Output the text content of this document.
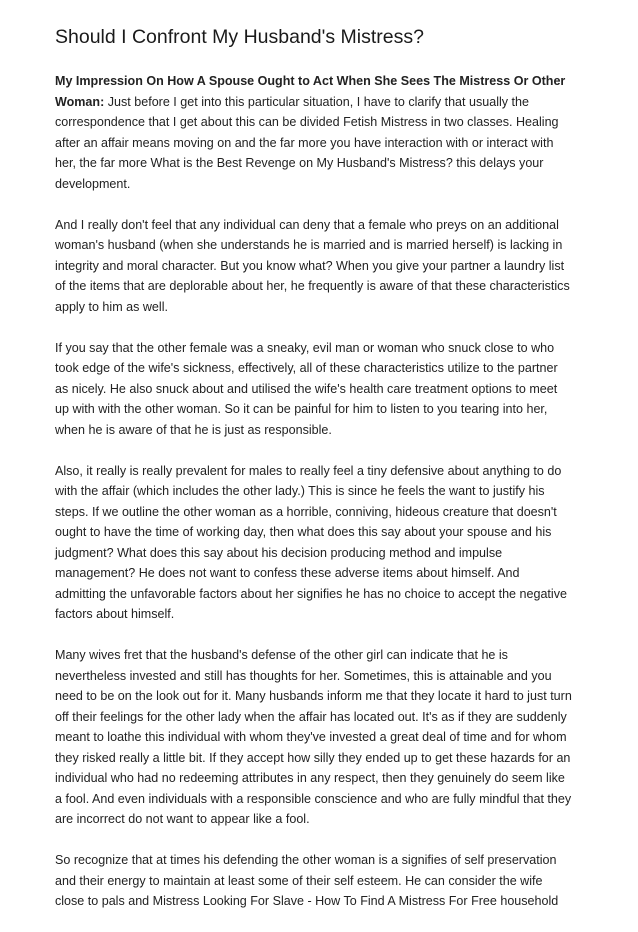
Should I Confront My Husband's Mistress?

My Impression On How A Spouse Ought to Act When She Sees The Mistress Or Other
Woman: Just before I get into this particular situation, I have to clarify that usually the
correspondence that I get about this can be divided Fetish Mistress in two classes. Healing
after an affair means moving on and the far more you have interaction with or interact with
her, the far more What is the Best Revenge on My Husband's Mistress? this delays your
development.

And I really don't feel that any individual can deny that a female who preys on an additional
woman's husband (when she understands he is married and is married herself) is lacking in
integrity and moral character. But you know what? When you give your partner a laundry list
of the items that are deplorable about her, he frequently is aware of that these characteristics
apply to him as well.

If you say that the other female was a sneaky, evil man or woman who snuck close to who
took edge of the wife's sickness, effectively, all of these characteristics utilize to the partner
as nicely. He also snuck about and utilised the wife's health care treatment options to meet
up with with the other woman. So it can be painful for him to listen to you tearing into her,
when he is aware of that he is just as responsible.

Also, it really is really prevalent for males to really feel a tiny defensive about anything to do
with the affair (which includes the other lady.) This is since he feels the want to justify his
steps. If we outline the other woman as a horrible, conniving, hideous creature that doesn't
ought to have the time of working day, then what does this say about your spouse and his
judgment? What does this say about his decision producing method and impulse
management? He does not want to confess these adverse items about himself. And
admitting the unfavorable factors about her signifies he has no choice to accept the negative
factors about himself.

Many wives fret that the husband's defense of the other girl can indicate that he is
nevertheless invested and still has thoughts for her. Sometimes, this is attainable and you
need to be on the look out for it. Many husbands inform me that they locate it hard to just turn
off their feelings for the other lady when the affair has located out. It's as if they are suddenly
meant to loathe this individual with whom they've invested a great deal of time and for whom
they risked really a little bit. If they accept how silly they ended up to get these hazards for an
individual who had no redeeming attributes in any respect, then they genuinely do seem like
a fool. And even individuals with a responsible conscience and who are fully mindful that they
are incorrect do not want to appear like a fool.

So recognize that at times his defending the other woman is a signifies of self preservation
and their energy to maintain at least some of their self esteem. He can consider the wife
close to pals and Mistress Looking For Slave - How To Find A Mistress For Free household
